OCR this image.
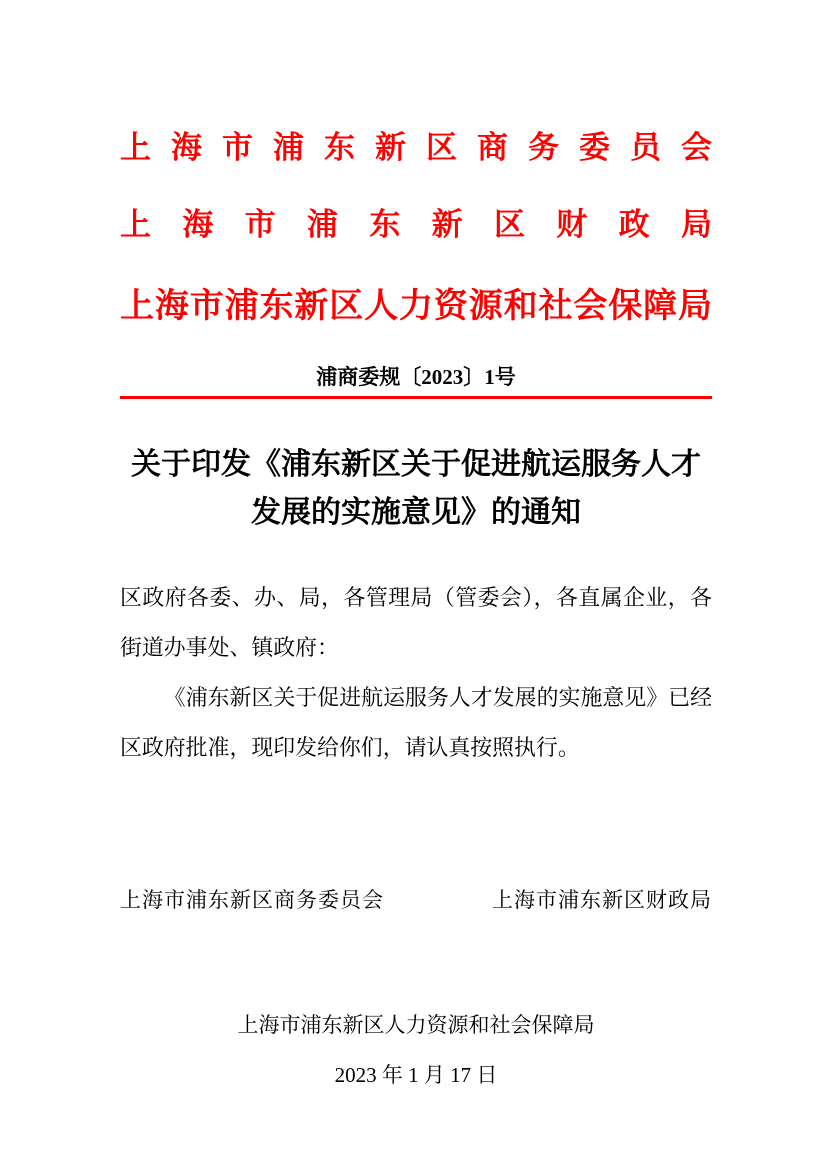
上 海 市 浦 东 新 区 商 务 委 员 会
上 海 市 浦 东 新 区 财 政 局
上 海 市 浦 东 新 区 人 力 资 源 和 社 会 保 障 局
浦商委规〔2023〕1号
关于印发《浦东新区关于促进航运服务人才
发展的实施意见》的通知

区政府各委、办、局，各管理局（管委会），各直属企业，各街道办事处、镇政府：

《浦东新区关于促进航运服务人才发展的实施意见》已经区政府批准，现印发给你们，请认真按照执行。

上海市浦东新区商务委员会	上海市浦东新区财政局
上海市浦东新区人力资源和社会保障局
2023 年 1 月 17 日
